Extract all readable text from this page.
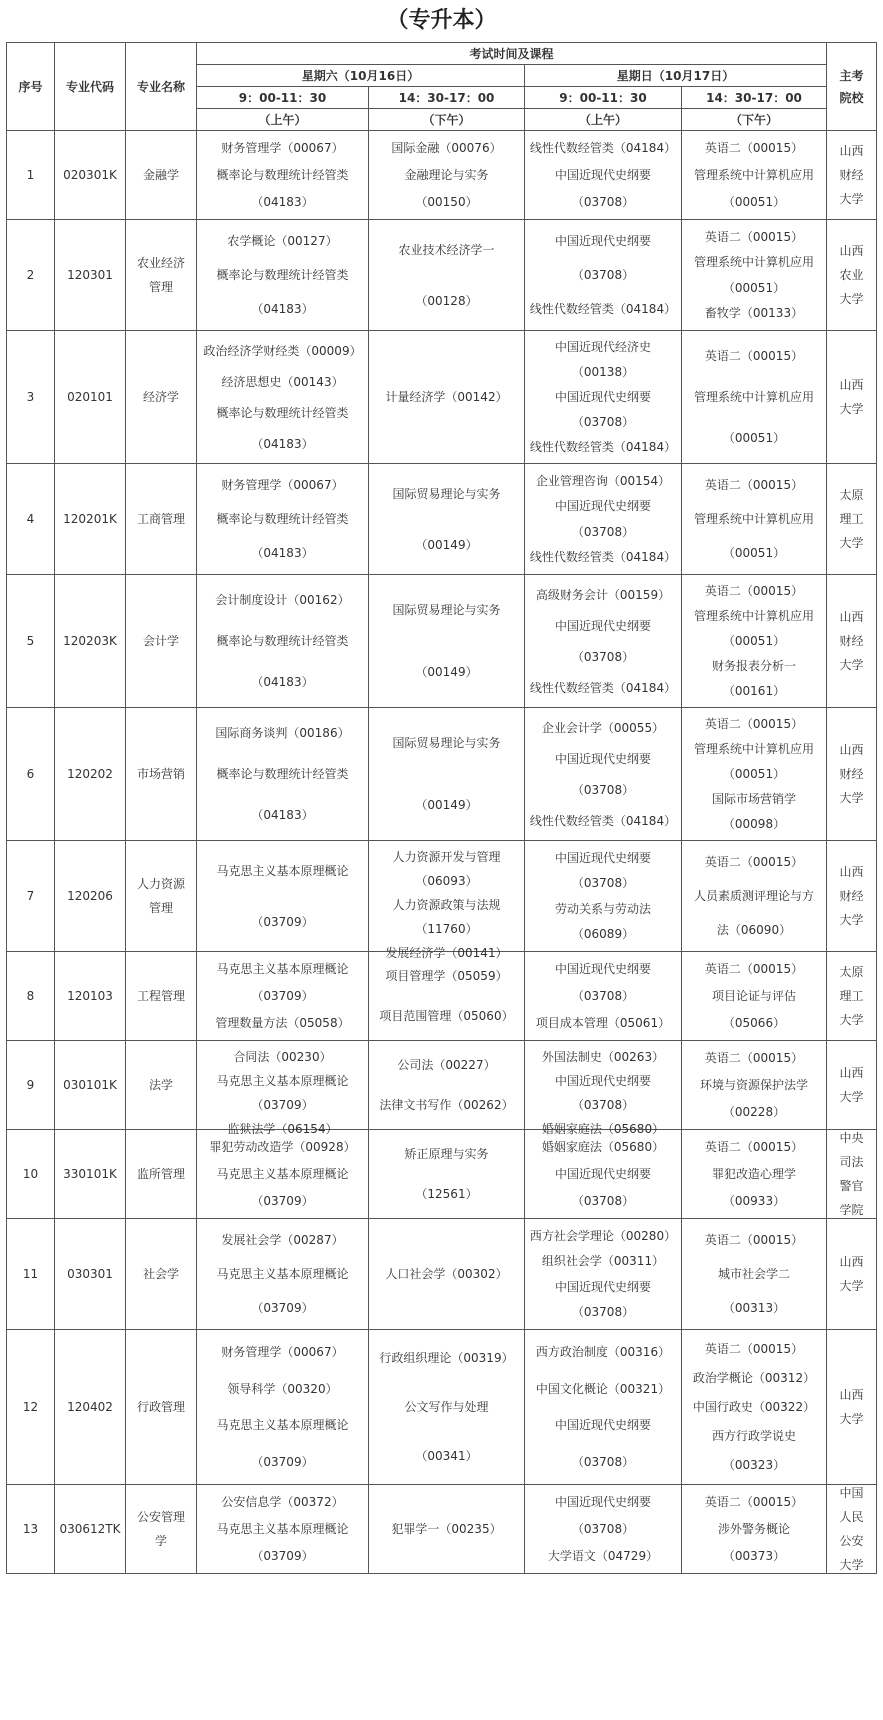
（专升本）
序号	专业代码	专业名称	考试时间及课程				主考院校

			星期六（10月16日）		星期日（10月17日）		
			9：00-11：30	14：30-17：00	9：00-11：30	14：30-17：00	
			（上午）	（下午）	（上午）	（下午）	
1	020301K	金融学	财务管理学（00067）
概率论与数理统计经管类
（04183）	国际金融（00076）
金融理论与实务
（00150）	线性代数经管类（04184）
中国近现代史纲要
（03708）	英语二（00015）
管理系统中计算机应用
（00051）	山西
财经
大学

2	120301	农业经济
管理	农学概论（00127）
概率论与数理统计经管类
（04183）	农业技术经济学一
（00128）	中国近现代史纲要
（03708）
线性代数经管类（04184）	英语二（00015）
管理系统中计算机应用
（00051）
畜牧学（00133）	山西
农业
大学

3	020101	经济学	政治经济学财经类（00009）
经济思想史（00143）
概率论与数理统计经管类
（04183）	计量经济学（00142）	中国近现代经济史
（00138）
中国近现代史纲要
（03708）
线性代数经管类（04184）	英语二（00015）
管理系统中计算机应用
（00051）	山西
大学

4	120201K	工商管理	财务管理学（00067）
概率论与数理统计经管类
（04183）	国际贸易理论与实务
（00149）	企业管理咨询（00154）
中国近现代史纲要
（03708）
线性代数经管类（04184）	英语二（00015）
管理系统中计算机应用
（00051）	太原
理工
大学

5	120203K	会计学	会计制度设计（00162）
概率论与数理统计经管类
（04183）	国际贸易理论与实务
（00149）	高级财务会计（00159）
中国近现代史纲要
（03708）
线性代数经管类（04184）	英语二（00015）
管理系统中计算机应用
（00051）
财务报表分析一
（00161）	山西
财经
大学

6	120202	市场营销	国际商务谈判（00186）
概率论与数理统计经管类
（04183）	国际贸易理论与实务
（00149）	企业会计学（00055）
中国近现代史纲要
（03708）
线性代数经管类（04184）	英语二（00015）
管理系统中计算机应用
（00051）
国际市场营销学
（00098）	山西
财经
大学

7	120206	人力资源
管理	马克思主义基本原理概论
（03709）	人力资源开发与管理
（06093）
人力资源政策与法规
（11760）
发展经济学（00141）	中国近现代史纲要
（03708）
劳动关系与劳动法
（06089）	英语二（00015）
人员素质测评理论与方
法（06090）	山西
财经
大学

8	120103	工程管理	马克思主义基本原理概论
（03709）
管理数量方法（05058）	项目管理学（05059）
项目范围管理（05060）	中国近现代史纲要
（03708）
项目成本管理（05061）	英语二（00015）
项目论证与评估
（05066）	太原
理工
大学

9	030101K	法学	合同法（00230）
马克思主义基本原理概论
（03709）
监狱法学（06154）	公司法（00227）
法律文书写作（00262）	外国法制史（00263）
中国近现代史纲要
（03708）
婚姻家庭法（05680）	英语二（00015）
环境与资源保护法学
（00228）	山西
大学

10	330101K	监所管理	罪犯劳动改造学（00928）
马克思主义基本原理概论
（03709）	矫正原理与实务
（12561）	婚姻家庭法（05680）
中国近现代史纲要
（03708）	英语二（00015）
罪犯改造心理学
（00933）	中央
司法
警官
学院

11	030301	社会学	发展社会学（00287）
马克思主义基本原理概论
（03709）	人口社会学（00302）	西方社会学理论（00280）
组织社会学（00311）
中国近现代史纲要
（03708）	英语二（00015）
城市社会学二
（00313）	山西
大学

12	120402	行政管理	财务管理学（00067）
领导科学（00320）
马克思主义基本原理概论
（03709）	行政组织理论（00319）
公文写作与处理
（00341）	西方政治制度（00316）
中国文化概论（00321）
中国近现代史纲要
（03708）	英语二（00015）
政治学概论（00312）
中国行政史（00322）
西方行政学说史
（00323）	山西
大学

13	030612TK	公安管理
学	公安信息学（00372）
马克思主义基本原理概论
（03709）	犯罪学一（00235）	中国近现代史纲要
（03708）
大学语文（04729）	英语二（00015）
涉外警务概论
（00373）	中国
人民
公安
大学
